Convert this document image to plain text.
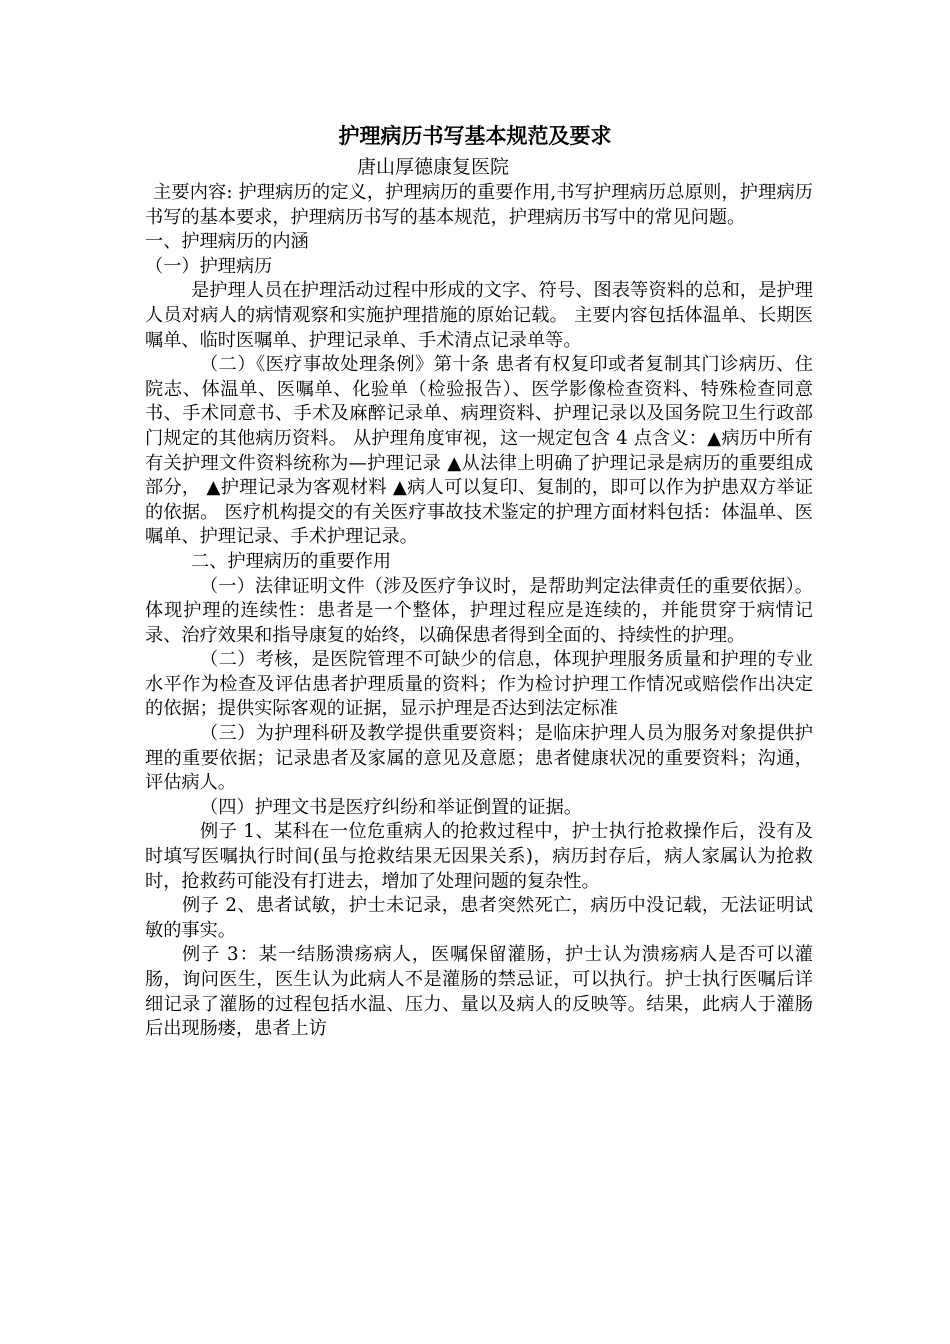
护理病历书写基本规范及要求

唐山厚德康复医院

主要内容: 护理病历的定义，护理病历的重要作用,书写护理病历总原则，护理病历书写的基本要求，护理病历书写的基本规范，护理病历书写中的常见问题。

一、护理病历的内涵

（一）护理病历

是护理人员在护理活动过程中形成的文字、符号、图表等资料的总和，是护理人员对病人的病情观察和实施护理措施的原始记载。 主要内容包括体温单、长期医嘱单、临时医嘱单、护理记录单、手术清点记录单等。

（二）《医疗事故处理条例》第十条 患者有权复印或者复制其门诊病历、住院志、体温单、医嘱单、化验单（检验报告）、医学影像检查资料、特殊检查同意书、手术同意书、手术及麻醉记录单、病理资料、护理记录以及国务院卫生行政部门规定的其他病历资料。 从护理角度审视，这一规定包含 4 点含义：▲病历中所有有关护理文件资料统称为—护理记录 ▲从法律上明确了护理记录是病历的重要组成部分， ▲护理记录为客观材料 ▲病人可以复印、复制的，即可以作为护患双方举证的依据。 医疗机构提交的有关医疗事故技术鉴定的护理方面材料包括：体温单、医嘱单、护理记录、手术护理记录。

二、护理病历的重要作用

（一）法律证明文件（涉及医疗争议时，是帮助判定法律责任的重要依据）。体现护理的连续性：患者是一个整体，护理过程应是连续的，并能贯穿于病情记录、治疗效果和指导康复的始终，以确保患者得到全面的、持续性的护理。

（二）考核，是医院管理不可缺少的信息，体现护理服务质量和护理的专业水平作为检查及评估患者护理质量的资料；作为检讨护理工作情况或赔偿作出决定的依据；提供实际客观的证据，显示护理是否达到法定标准

（三）为护理科研及教学提供重要资料；是临床护理人员为服务对象提供护理的重要依据；记录患者及家属的意见及意愿；患者健康状况的重要资料；沟通，评估病人。

（四）护理文书是医疗纠纷和举证倒置的证据。

例子 1、某科在一位危重病人的抢救过程中，护士执行抢救操作后，没有及时填写医嘱执行时间(虽与抢救结果无因果关系)，病历封存后，病人家属认为抢救时，抢救药可能没有打进去，增加了处理问题的复杂性。

例子 2、患者试敏，护士未记录，患者突然死亡，病历中没记载，无法证明试敏的事实。

例子 3：某一结肠溃疡病人，医嘱保留灌肠，护士认为溃疡病人是否可以灌肠，询问医生，医生认为此病人不是灌肠的禁忌证，可以执行。护士执行医嘱后详细记录了灌肠的过程包括水温、压力、量以及病人的反映等。结果，此病人于灌肠后出现肠瘘，患者上访
